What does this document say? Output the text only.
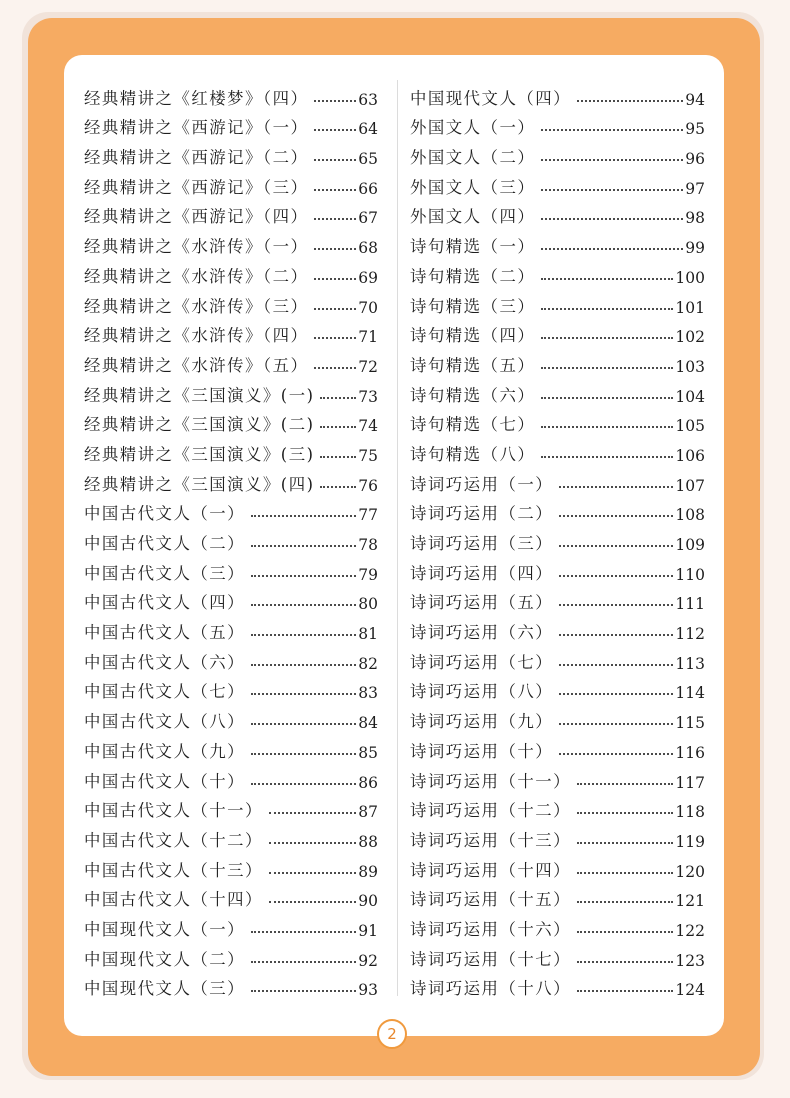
经典精讲之《红楼梦》（四）	63
经典精讲之《西游记》（一）	64
经典精讲之《西游记》（二）	65
经典精讲之《西游记》（三）	66
经典精讲之《西游记》（四）	67
经典精讲之《水浒传》（一）	68
经典精讲之《水浒传》（二）	69
经典精讲之《水浒传》（三）	70
经典精讲之《水浒传》（四）	71
经典精讲之《水浒传》（五）	72
经典精讲之《三国演义》(一)	73
经典精讲之《三国演义》(二)	74
经典精讲之《三国演义》(三)	75
经典精讲之《三国演义》(四)	76
中国古代文人（一）	77
中国古代文人（二）	78
中国古代文人（三）	79
中国古代文人（四）	80
中国古代文人（五）	81
中国古代文人（六）	82
中国古代文人（七）	83
中国古代文人（八）	84
中国古代文人（九）	85
中国古代文人（十）	86
中国古代文人（十一）	87
中国古代文人（十二）	88
中国古代文人（十三）	89
中国古代文人（十四）	90
中国现代文人（一）	91
中国现代文人（二）	92
中国现代文人（三）	93
中国现代文人（四）	94
外国文人（一）	95
外国文人（二）	96
外国文人（三）	97
外国文人（四）	98
诗句精选（一）	99
诗句精选（二）	100
诗句精选（三）	101
诗句精选（四）	102
诗句精选（五）	103
诗句精选（六）	104
诗句精选（七）	105
诗句精选（八）	106
诗词巧运用（一）	107
诗词巧运用（二）	108
诗词巧运用（三）	109
诗词巧运用（四）	110
诗词巧运用（五）	111
诗词巧运用（六）	112
诗词巧运用（七）	113
诗词巧运用（八）	114
诗词巧运用（九）	115
诗词巧运用（十）	116
诗词巧运用（十一）	117
诗词巧运用（十二）	118
诗词巧运用（十三）	119
诗词巧运用（十四）	120
诗词巧运用（十五）	121
诗词巧运用（十六）	122
诗词巧运用（十七）	123
诗词巧运用（十八）	124
2
